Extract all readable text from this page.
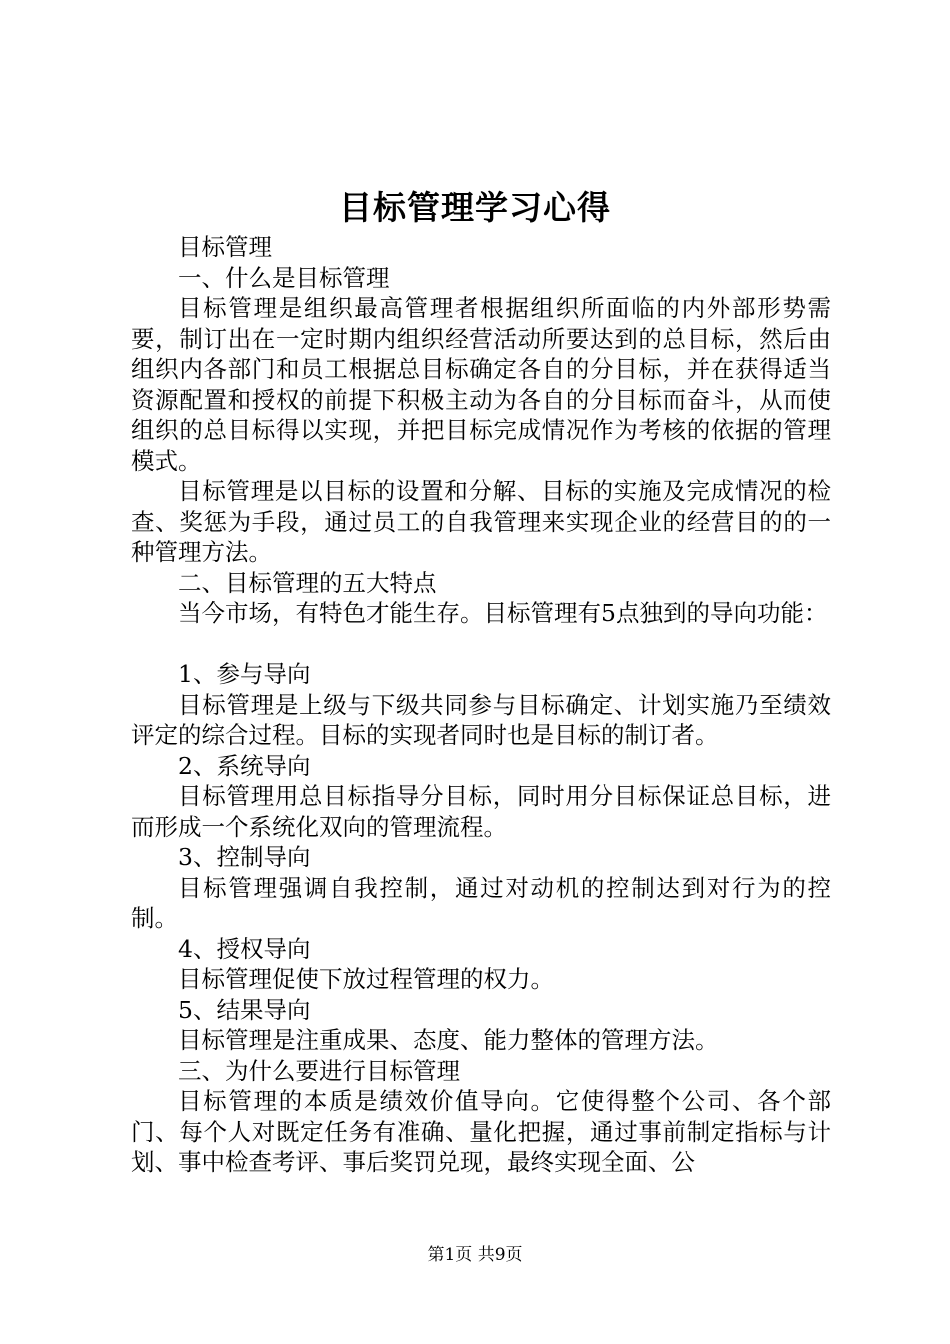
目标管理学习心得

目标管理

一、什么是目标管理

目标管理是组织最高管理者根据组织所面临的内外部形势需要，制订出在一定时期内组织经营活动所要达到的总目标，然后由组织内各部门和员工根据总目标确定各自的分目标，并在获得适当资源配置和授权的前提下积极主动为各自的分目标而奋斗，从而使组织的总目标得以实现，并把目标完成情况作为考核的依据的管理模式。

目标管理是以目标的设置和分解、目标的实施及完成情况的检查、奖惩为手段，通过员工的自我管理来实现企业的经营目的的一种管理方法。

二、目标管理的五大特点

当今市场，有特色才能生存。目标管理有5点独到的导向功能：

1、参与导向

目标管理是上级与下级共同参与目标确定、计划实施乃至绩效评定的综合过程。目标的实现者同时也是目标的制订者。

2、系统导向

目标管理用总目标指导分目标，同时用分目标保证总目标，进而形成一个系统化双向的管理流程。

3、控制导向

目标管理强调自我控制，通过对动机的控制达到对行为的控制。

4、授权导向

目标管理促使下放过程管理的权力。

5、结果导向

目标管理是注重成果、态度、能力整体的管理方法。

三、为什么要进行目标管理

目标管理的本质是绩效价值导向。它使得整个公司、各个部门、每个人对既定任务有准确、量化把握，通过事前制定指标与计划、事中检查考评、事后奖罚兑现，最终实现全面、公

第1页 共9页
